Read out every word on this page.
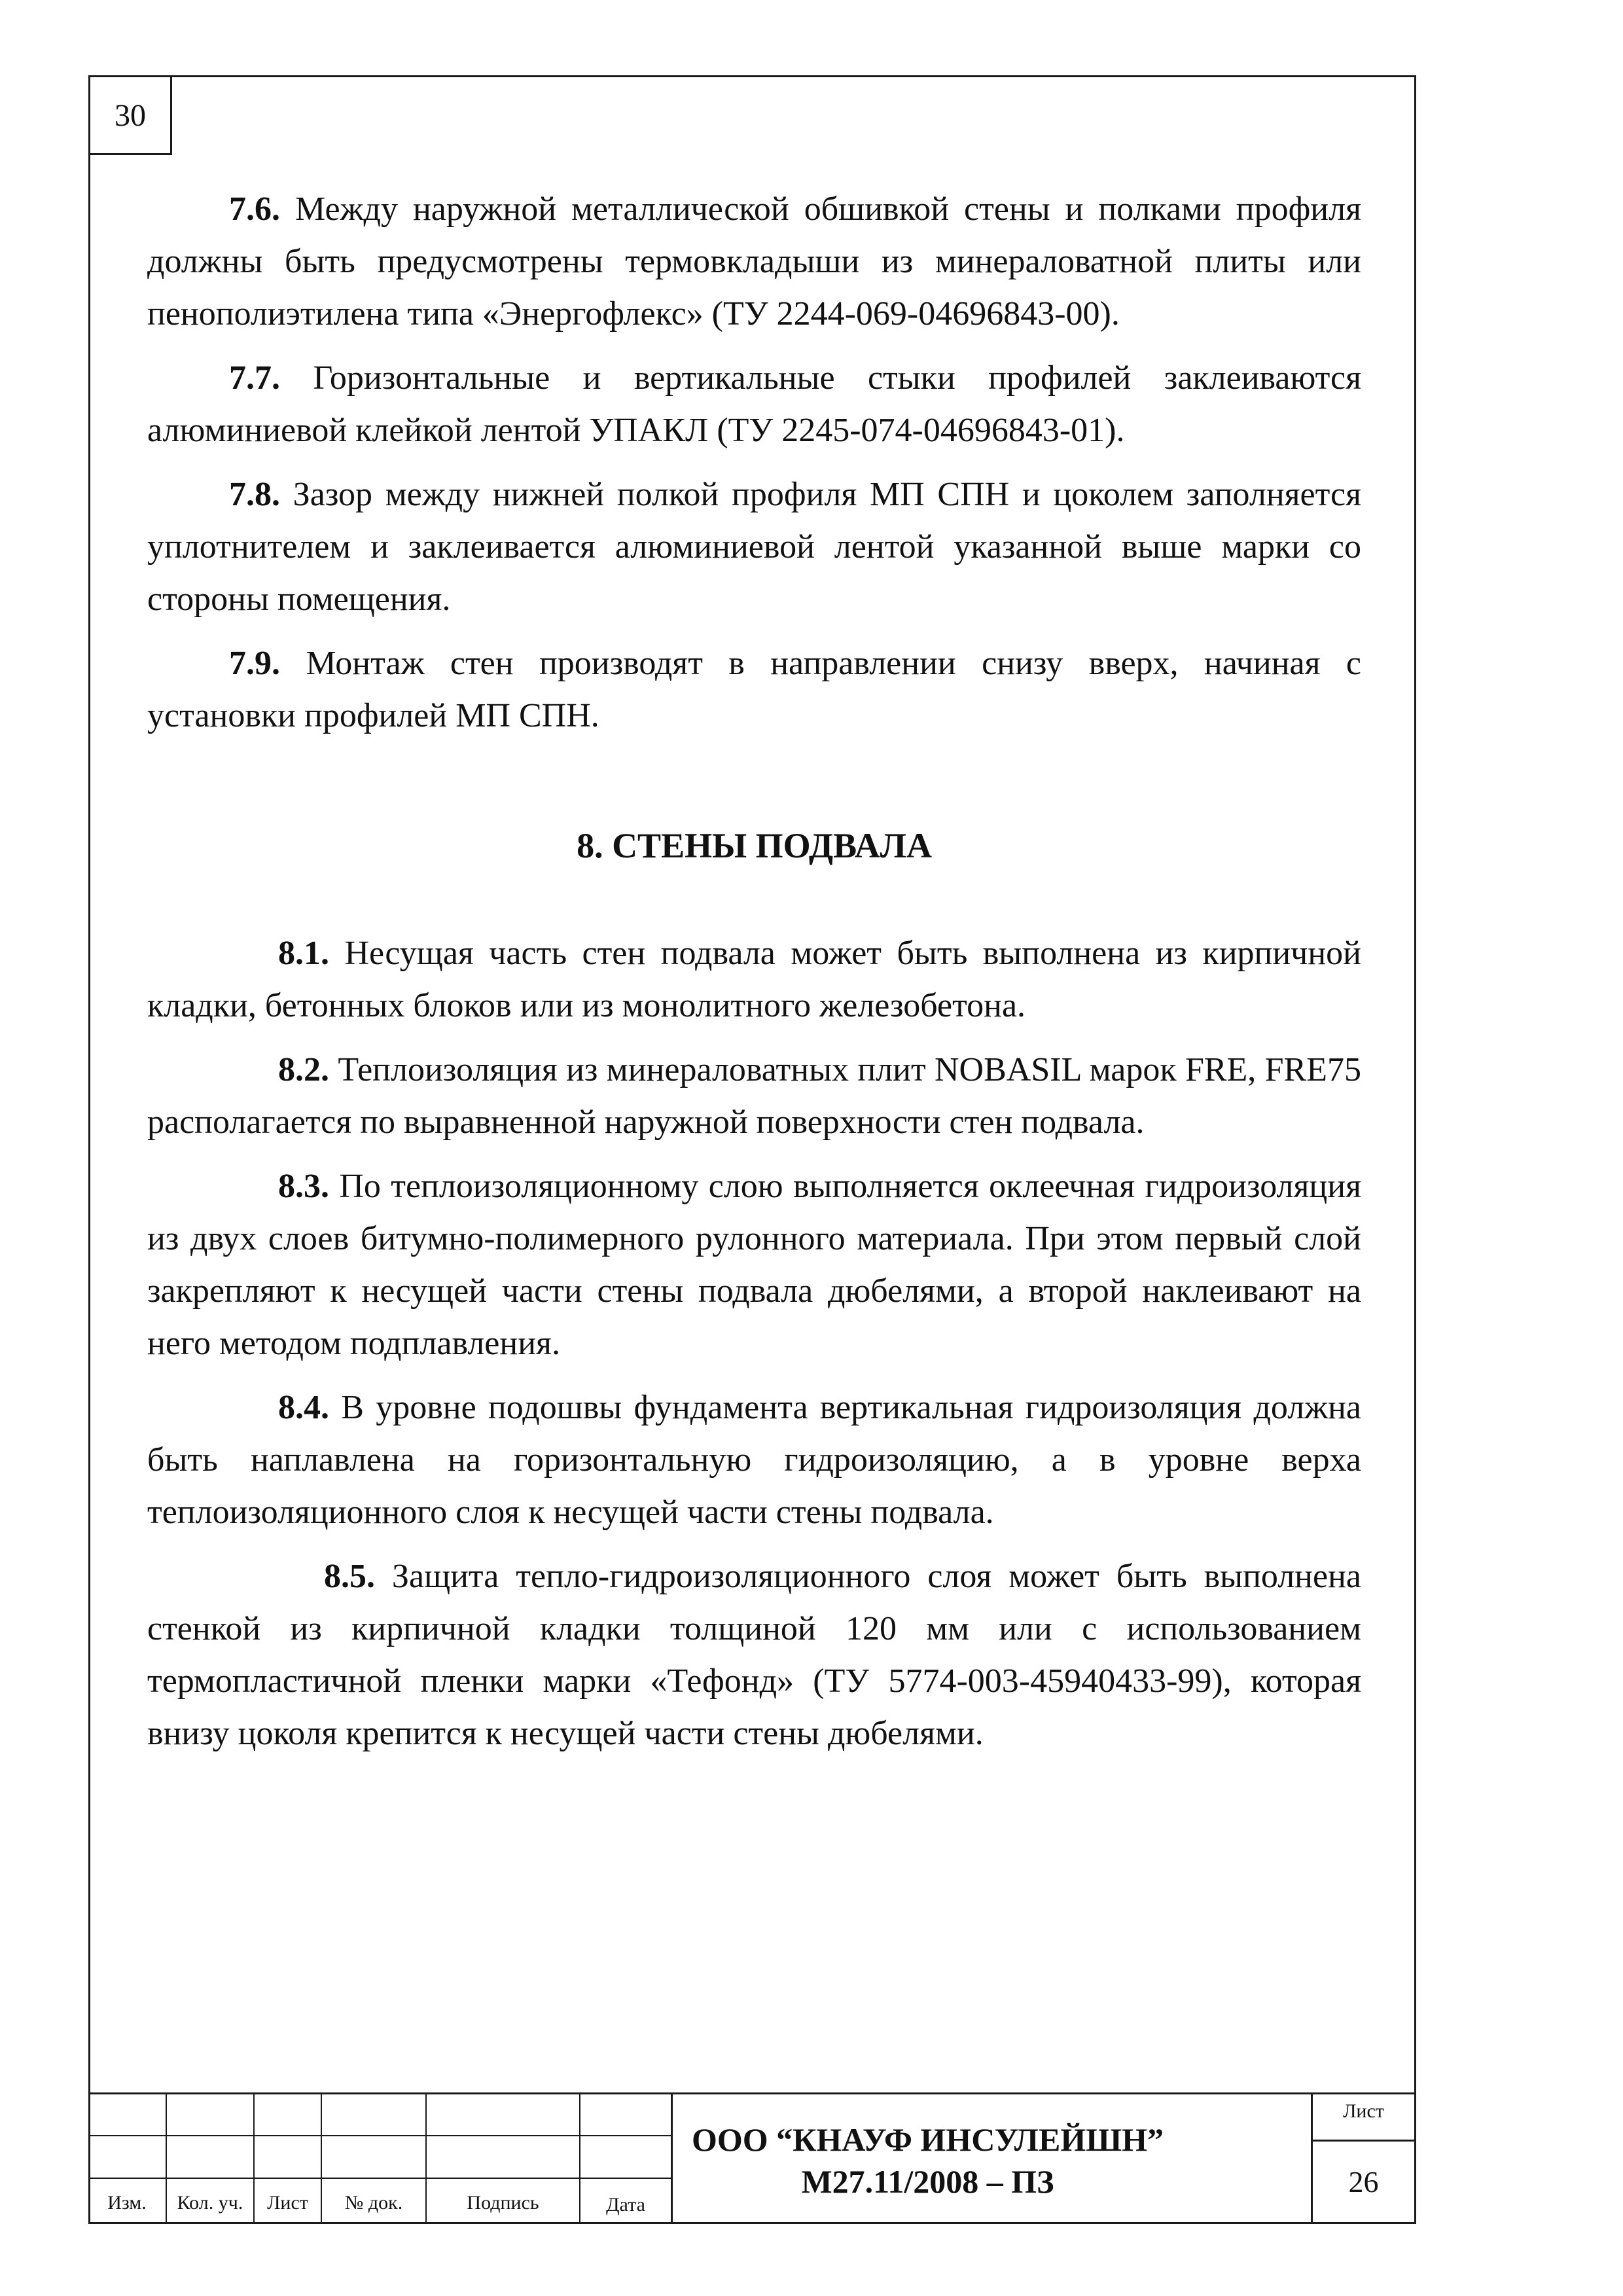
30

7.6. Между наружной металлической обшивкой стены и полками профиля должны быть предусмотрены термовкладыши из минераловатной плиты или пенополиэтилена типа «Энергофлекс» (ТУ 2244-069-04696843-00).

7.7. Горизонтальные и вертикальные стыки профилей заклеиваются алюминиевой клейкой лентой УПАКЛ (ТУ 2245-074-04696843-01).

7.8. Зазор между нижней полкой профиля МП СПН и цоколем заполняется уплотнителем и заклеивается алюминиевой лентой указанной выше марки со стороны помещения.

7.9. Монтаж стен производят в направлении снизу вверх, начиная с установки профилей МП СПН.

8. СТЕНЫ ПОДВАЛА

8.1. Несущая часть стен подвала может быть выполнена из кирпичной кладки, бетонных блоков или из монолитного железобетона.

8.2. Теплоизоляция из минераловатных плит NOBASIL марок FRE, FRE75 располагается по выравненной наружной поверхности стен подвала.

8.3. По теплоизоляционному слою выполняется оклеечная гидроизоляция из двух слоев битумно-полимерного рулонного материала. При этом первый слой закрепляют к несущей части стены подвала дюбелями, а второй наклеивают на него методом подплавления.

8.4. В уровне подошвы фундамента вертикальная гидроизоляция должна быть наплавлена на горизонтальную гидроизоляцию, а в уровне верха теплоизоляционного слоя к несущей части стены подвала.

8.5. Защита тепло-гидроизоляционного слоя может быть выполнена стенкой из кирпичной кладки толщиной 120 мм или с использованием термопластичной пленки марки «Тефонд» (ТУ 5774-003-45940433-99), которая внизу цоколя крепится к несущей части стены дюбелями.

Изм.	Кол. уч.	Лист	№ док.	Подпись	Дата
ООО “КНАУФ ИНСУЛЕЙШН”
М27.11/2008 – ПЗ
Лист
26
